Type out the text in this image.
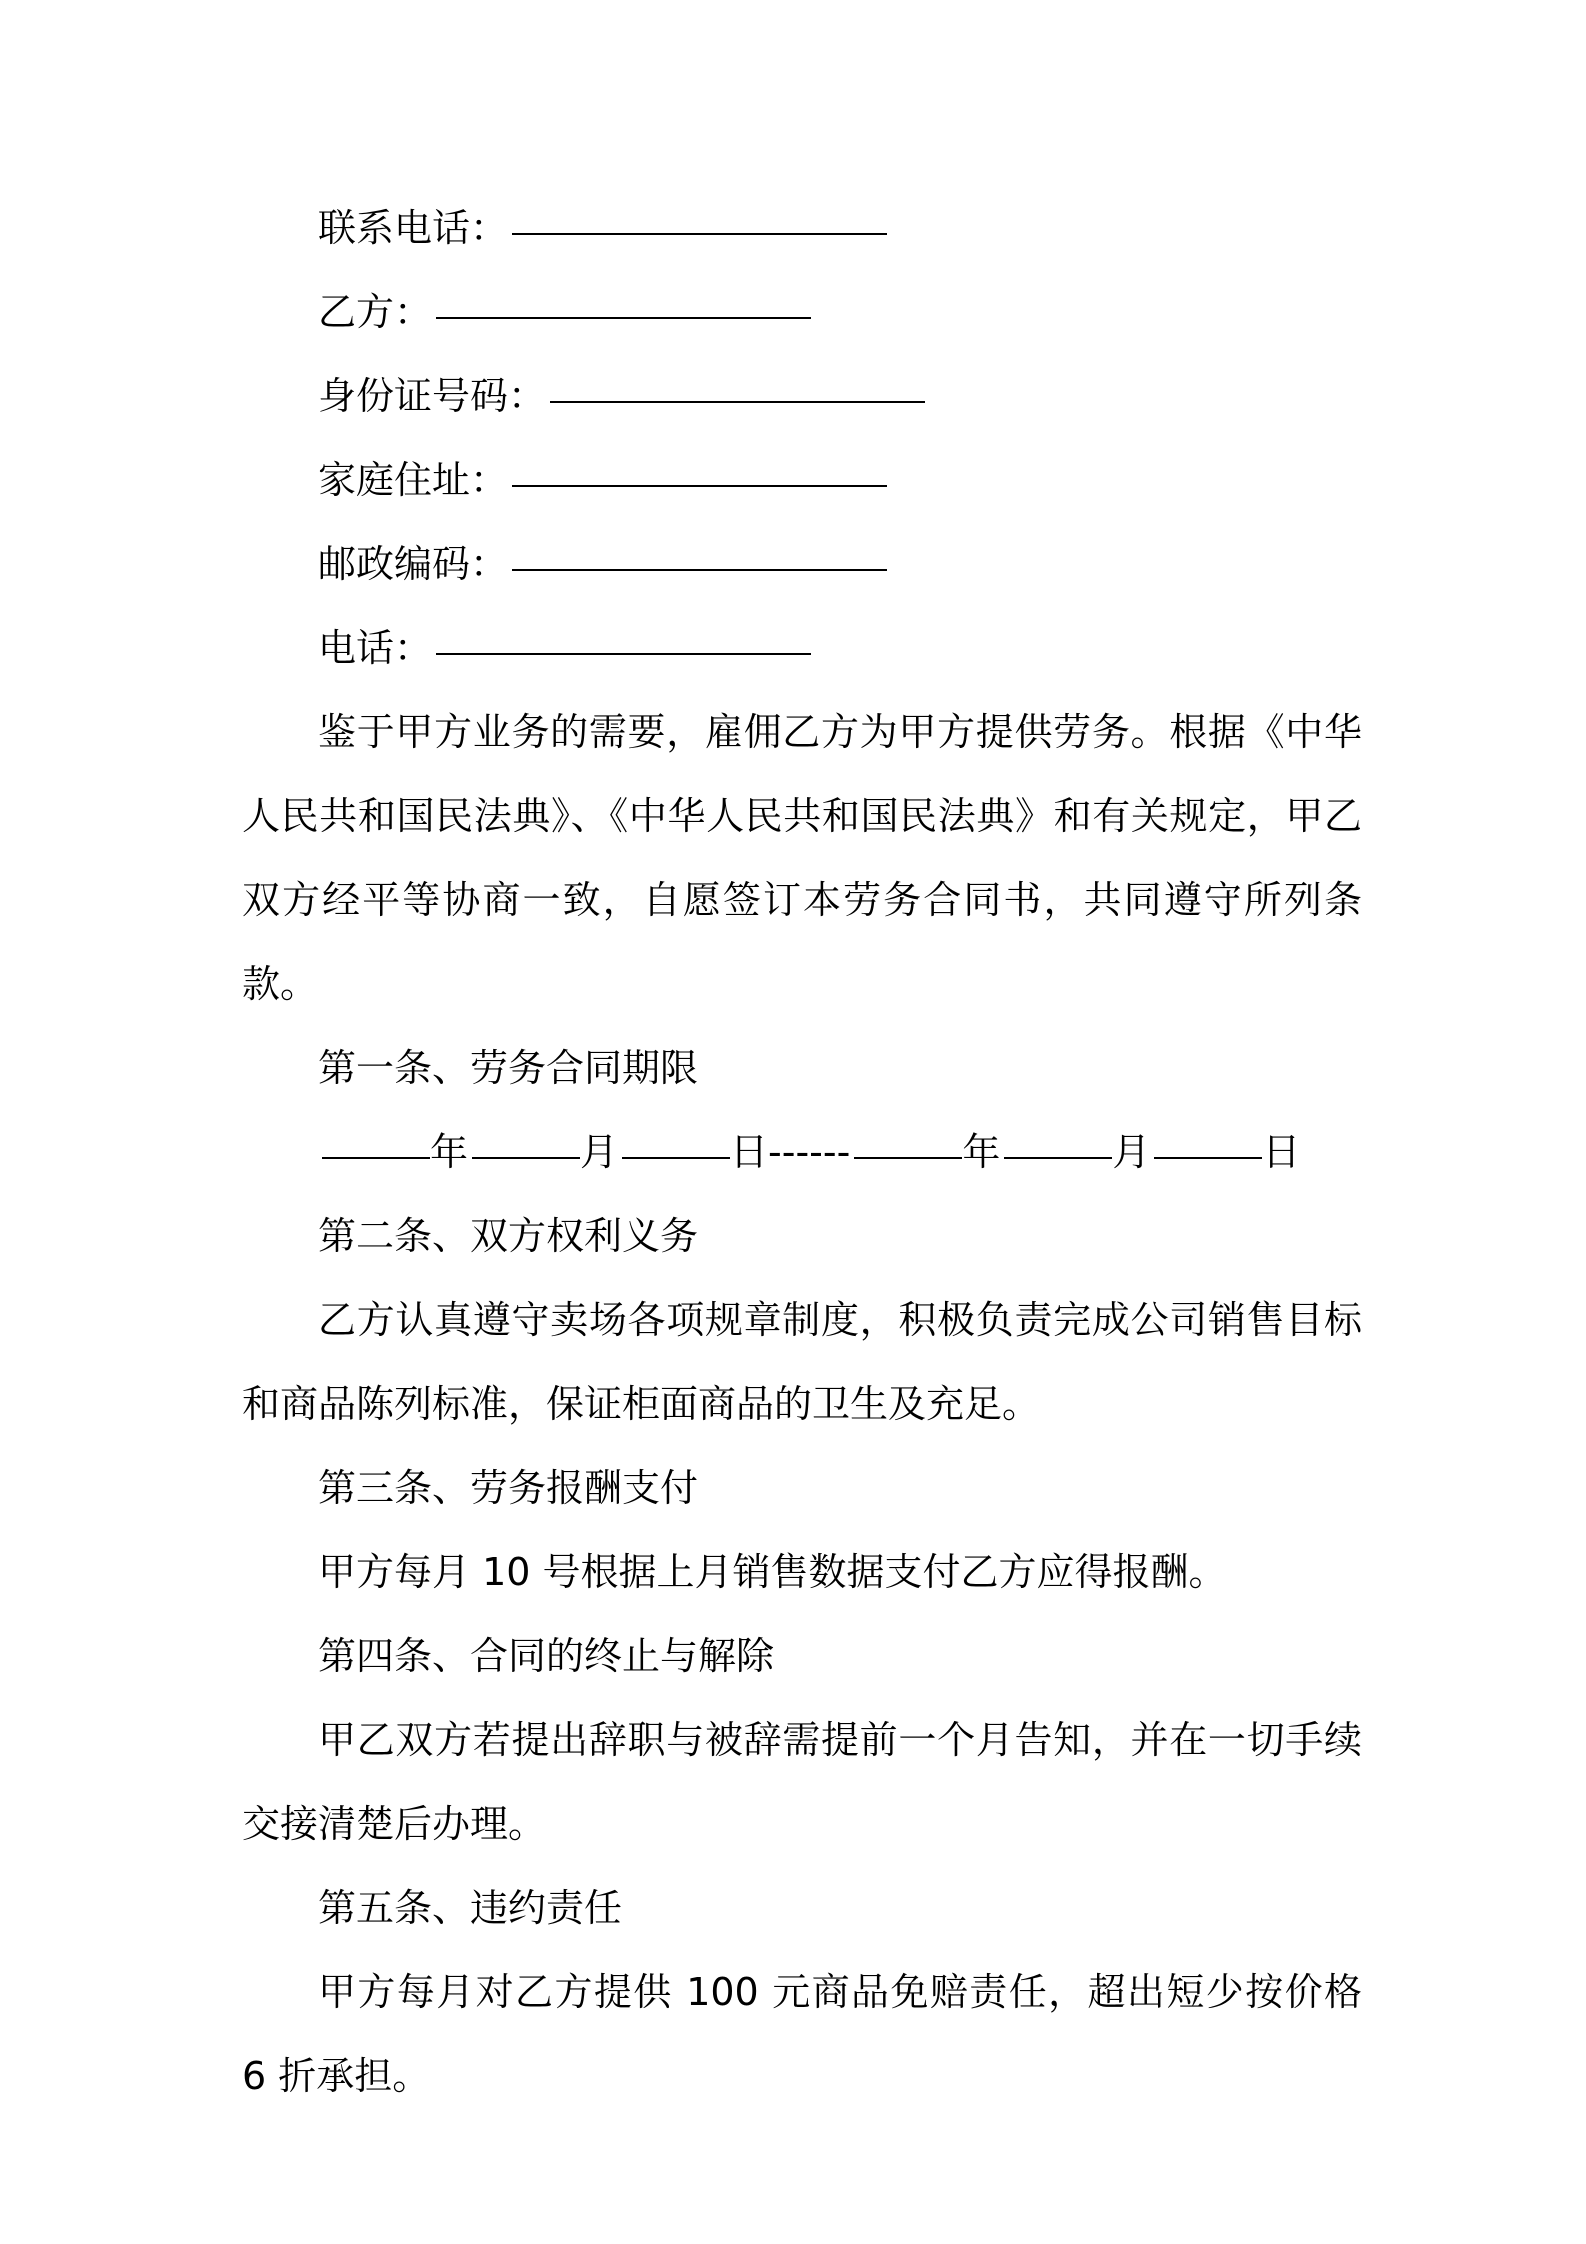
联系电话：
乙方：
身份证号码：
家庭住址：
邮政编码：
电话：
鉴于甲方业务的需要，雇佣乙方为甲方提供劳务。根据《中华人民共和国民法典》、《中华人民共和国民法典》和有关规定，甲乙双方经平等协商一致，自愿签订本劳务合同书，共同遵守所列条款。
第一条、劳务合同期限
年	月	日------	年	月	日
第二条、双方权利义务
乙方认真遵守卖场各项规章制度，积极负责完成公司销售目标和商品陈列标准，保证柜面商品的卫生及充足。
第三条、劳务报酬支付
甲方每月 10 号根据上月销售数据支付乙方应得报酬。
第四条、合同的终止与解除
甲乙双方若提出辞职与被辞需提前一个月告知，并在一切手续交接清楚后办理。
第五条、违约责任
甲方每月对乙方提供 100 元商品免赔责任，超出短少按价格 6 折承担。
